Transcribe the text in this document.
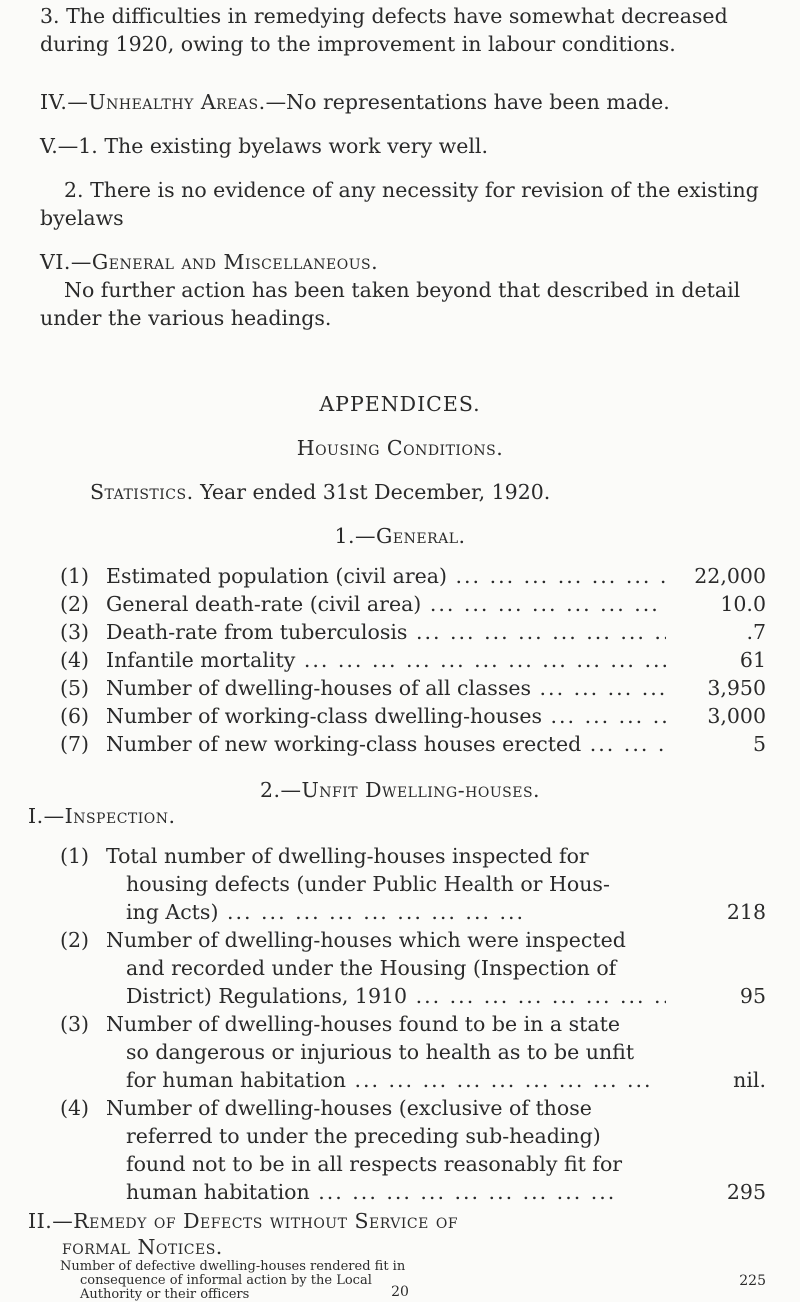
3. The difficulties in remedying defects have somewhat decreased during 1920, owing to the improvement in labour conditions.
IV.—Unhealthy Areas.—No representations have been made.
V.—1. The existing byelaws work very well.
2. There is no evidence of any necessity for revision of the existing byelaws
VI.—General and Miscellaneous.
No further action has been taken beyond that described in detail under the various headings.
APPENDICES.
Housing Conditions.
Statistics. Year ended 31st December, 1920.
1.—General.
(1) Estimated population (civil area) ...	22,000
(2) General death-rate (civil area) ...	10.0
(3) Death-rate from tuberculosis ...	.7
(4) Infantile mortality ...	61
(5) Number of dwelling-houses of all classes ...	3,950
(6) Number of working-class dwelling-houses ...	3,000
(7) Number of new working-class houses erected ...	5
2.—Unfit Dwelling-houses.
I.—Inspection.
(1) Total number of dwelling-houses inspected for
housing defects (under Public Health or Hous-
ing Acts) ...	218
(2) Number of dwelling-houses which were inspected
and recorded under the Housing (Inspection of
District) Regulations, 1910 ...	95
(3) Number of dwelling-houses found to be in a state
so dangerous or injurious to health as to be unfit
for human habitation ...	nil.
(4) Number of dwelling-houses (exclusive of those
referred to under the preceding sub-heading)
found not to be in all respects reasonably fit for
human habitation ...	295
II.—Remedy of Defects without Service of
formal Notices.
Number of defective dwelling-houses rendered fit in
consequence of informal action by the Local
Authority or their officers
225
20
